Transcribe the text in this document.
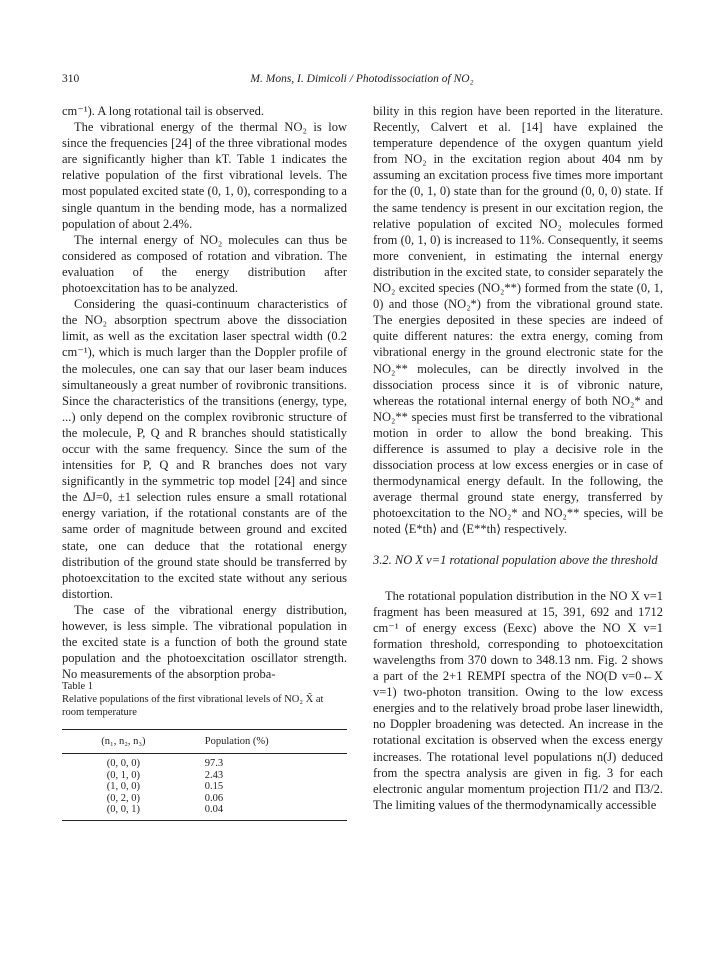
310	M. Mons, I. Dimicoli / Photodissociation of NO₂

cm⁻¹). A long rotational tail is observed.

The vibrational energy of the thermal NO₂ is low since the frequencies [24] of the three vibrational modes are significantly higher than kT. Table 1 indicates the relative population of the first vibrational levels. The most populated excited state (0, 1, 0), corresponding to a single quantum in the bending mode, has a normalized population of about 2.4%.

The internal energy of NO₂ molecules can thus be considered as composed of rotation and vibration. The evaluation of the energy distribution after photoexcitation has to be analyzed.

Considering the quasi-continuum characteristics of the NO₂ absorption spectrum above the dissociation limit, as well as the excitation laser spectral width (0.2 cm⁻¹), which is much larger than the Doppler profile of the molecules, one can say that our laser beam induces simultaneously a great number of rovibronic transitions. Since the characteristics of the transitions (energy, type, ...) only depend on the complex rovibronic structure of the molecule, P, Q and R branches should statistically occur with the same frequency. Since the sum of the intensities for P, Q and R branches does not vary significantly in the symmetric top model [24] and since the ΔJ=0, ±1 selection rules ensure a small rotational energy variation, if the rotational constants are of the same order of magnitude between ground and excited state, one can deduce that the rotational energy distribution of the ground state should be transferred by photoexcitation to the excited state without any serious distortion.

The case of the vibrational energy distribution, however, is less simple. The vibrational population in the excited state is a function of both the ground state population and the photoexcitation oscillator strength. No measurements of the absorption proba-

Table 1
Relative populations of the first vibrational levels of NO₂ X̃ at room temperature
(n₁, n₂, n₃)	Population (%)
(0, 0, 0)	97.3
(0, 1, 0)	2.43
(1, 0, 0)	0.15
(0, 2, 0)	0.06
(0, 0, 1)	0.04

bility in this region have been reported in the literature. Recently, Calvert et al. [14] have explained the temperature dependence of the oxygen quantum yield from NO₂ in the excitation region about 404 nm by assuming an excitation process five times more important for the (0, 1, 0) state than for the ground (0, 0, 0) state. If the same tendency is present in our excitation region, the relative population of excited NO₂ molecules formed from (0, 1, 0) is increased to 11%. Consequently, it seems more convenient, in estimating the internal energy distribution in the excited state, to consider separately the NO₂ excited species (NO₂**) formed from the state (0, 1, 0) and those (NO₂*) from the vibrational ground state. The energies deposited in these species are indeed of quite different natures: the extra energy, coming from vibrational energy in the ground electronic state for the NO₂** molecules, can be directly involved in the dissociation process since it is of vibronic nature, whereas the rotational internal energy of both NO₂* and NO₂** species must first be transferred to the vibrational motion in order to allow the bond breaking. This difference is assumed to play a decisive role in the dissociation process at low excess energies or in case of thermodynamical energy default. In the following, the average thermal ground state energy, transferred by photoexcitation to the NO₂* and NO₂** species, will be noted ⟨E*th⟩ and ⟨E**th⟩ respectively.

3.2. NO X v=1 rotational population above the threshold

The rotational population distribution in the NO X v=1 fragment has been measured at 15, 391, 692 and 1712 cm⁻¹ of energy excess (Eexc) above the NO X v=1 formation threshold, corresponding to photoexcitation wavelengths from 370 down to 348.13 nm. Fig. 2 shows a part of the 2+1 REMPI spectra of the NO(D v=0←X v=1) two-photon transition. Owing to the low excess energies and to the relatively broad probe laser linewidth, no Doppler broadening was detected. An increase in the rotational excitation is observed when the excess energy increases. The rotational level populations n(J) deduced from the spectra analysis are given in fig. 3 for each electronic angular momentum projection Π1/2 and Π3/2. The limiting values of the thermodynamically accessible
